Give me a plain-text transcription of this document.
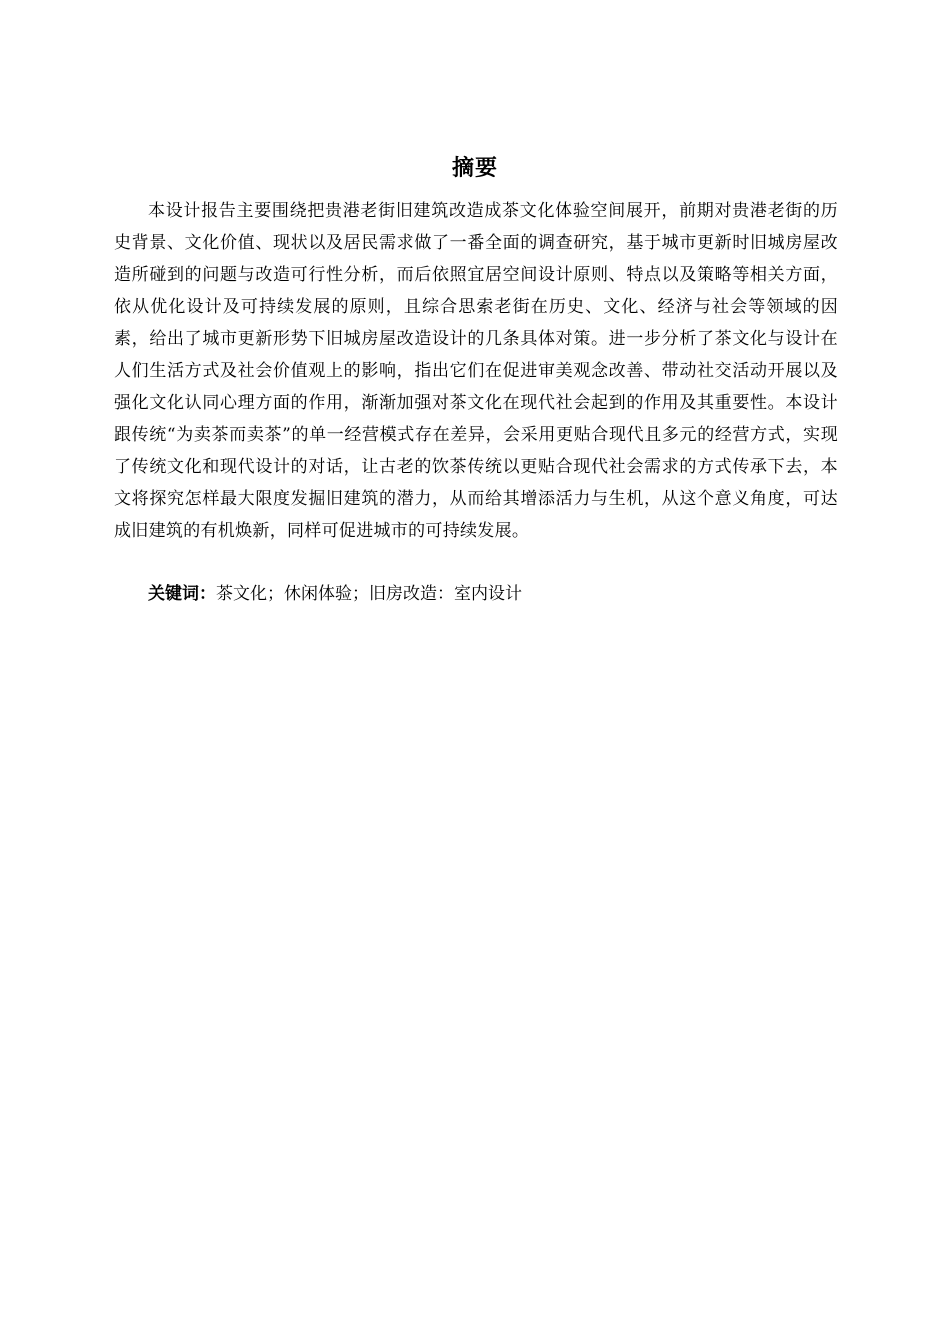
摘要

本设计报告主要围绕把贵港老街旧建筑改造成茶文化体验空间展开，前期对贵港老街的历史背景、文化价值、现状以及居民需求做了一番全面的调查研究，基于城市更新时旧城房屋改造所碰到的问题与改造可行性分析，而后依照宜居空间设计原则、特点以及策略等相关方面，依从优化设计及可持续发展的原则，且综合思索老街在历史、文化、经济与社会等领域的因素，给出了城市更新形势下旧城房屋改造设计的几条具体对策。进一步分析了茶文化与设计在人们生活方式及社会价值观上的影响，指出它们在促进审美观念改善、带动社交活动开展以及强化文化认同心理方面的作用，渐渐加强对茶文化在现代社会起到的作用及其重要性。本设计跟传统“为卖茶而卖茶”的单一经营模式存在差异，会采用更贴合现代且多元的经营方式，实现了传统文化和现代设计的对话，让古老的饮茶传统以更贴合现代社会需求的方式传承下去，本文将探究怎样最大限度发掘旧建筑的潜力，从而给其增添活力与生机，从这个意义角度，可达成旧建筑的有机焕新，同样可促进城市的可持续发展。

关键词：茶文化；休闲体验；旧房改造：室内设计
